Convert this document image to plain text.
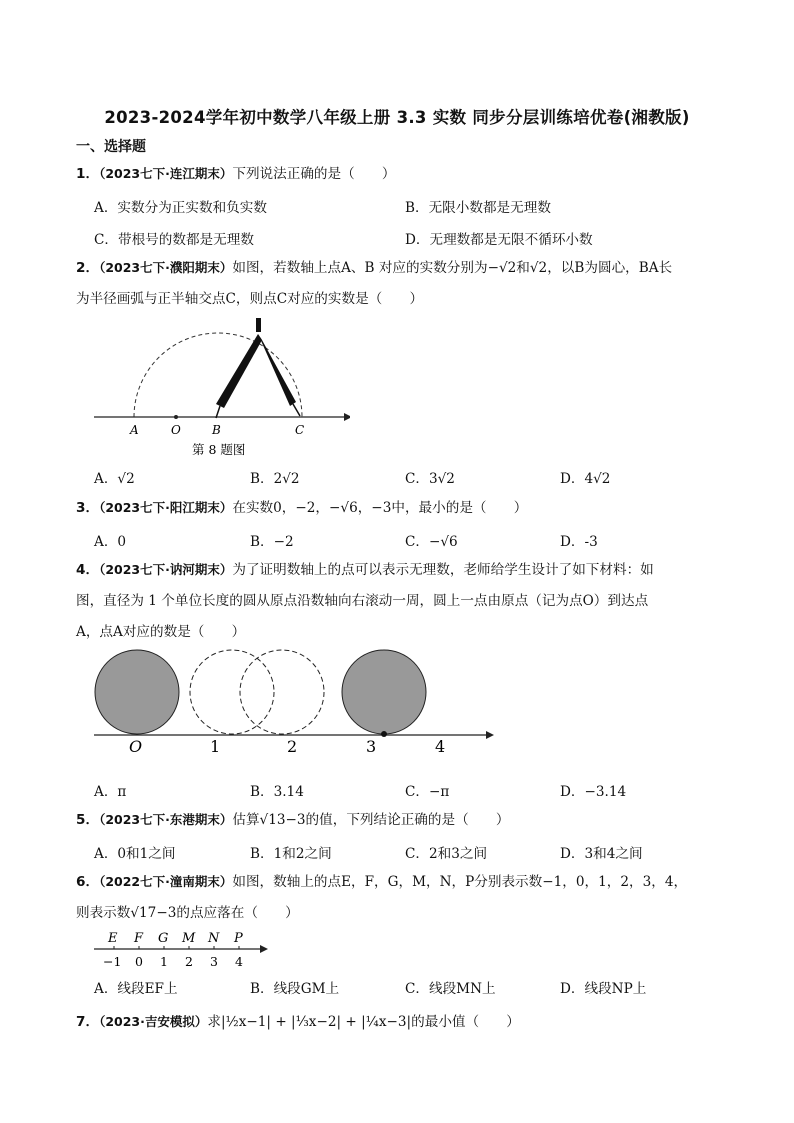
2023-2024学年初中数学八年级上册 3.3 实数 同步分层训练培优卷(湘教版)
一、选择题
1．（2023七下·连江期末）下列说法正确的是（　　）
A．实数分为正实数和负实数	B．无限小数都是无理数
C．带根号的数都是无理数	D．无理数都是无限不循环小数
2．（2023七下·濮阳期末）如图，若数轴上点A、B 对应的实数分别为−√2和√2，以B为圆心，BA长
为半径画弧与正半轴交点C，则点C对应的实数是（　　）
A	O	B	C
第 8 题图
A．√2	B．2√2	C．3√2	D．4√2
3．（2023七下·阳江期末）在实数0，−2，−√6，−3中，最小的是（　　）
A．0	B．−2	C．−√6	D．-3
4．（2023七下·讷河期末）为了证明数轴上的点可以表示无理数，老师给学生设计了如下材料：如
图，直径为 1 个单位长度的圆从原点沿数轴向右滚动一周，圆上一点由原点（记为点O）到达点
A，点A对应的数是（　　）
O	1	2	3	4
A．π	B．3.14	C．−π	D．−3.14
5．（2023七下·东港期末）估算√13−3的值，下列结论正确的是（　　）
A．0和1之间	B．1和2之间	C．2和3之间	D．3和4之间
6．（2022七下·潼南期末）如图，数轴上的点E，F，G，M，N，P分别表示数−1，0，1，2，3，4，
则表示数√17−3的点应落在（　　）
E F G M N P
−1 0 1 2 3 4
A．线段EF上	B．线段GM上	C．线段MN上	D．线段NP上
7．（2023·吉安模拟）求|½x−1| + |⅓x−2| + |¼x−3|的最小值（　　）
